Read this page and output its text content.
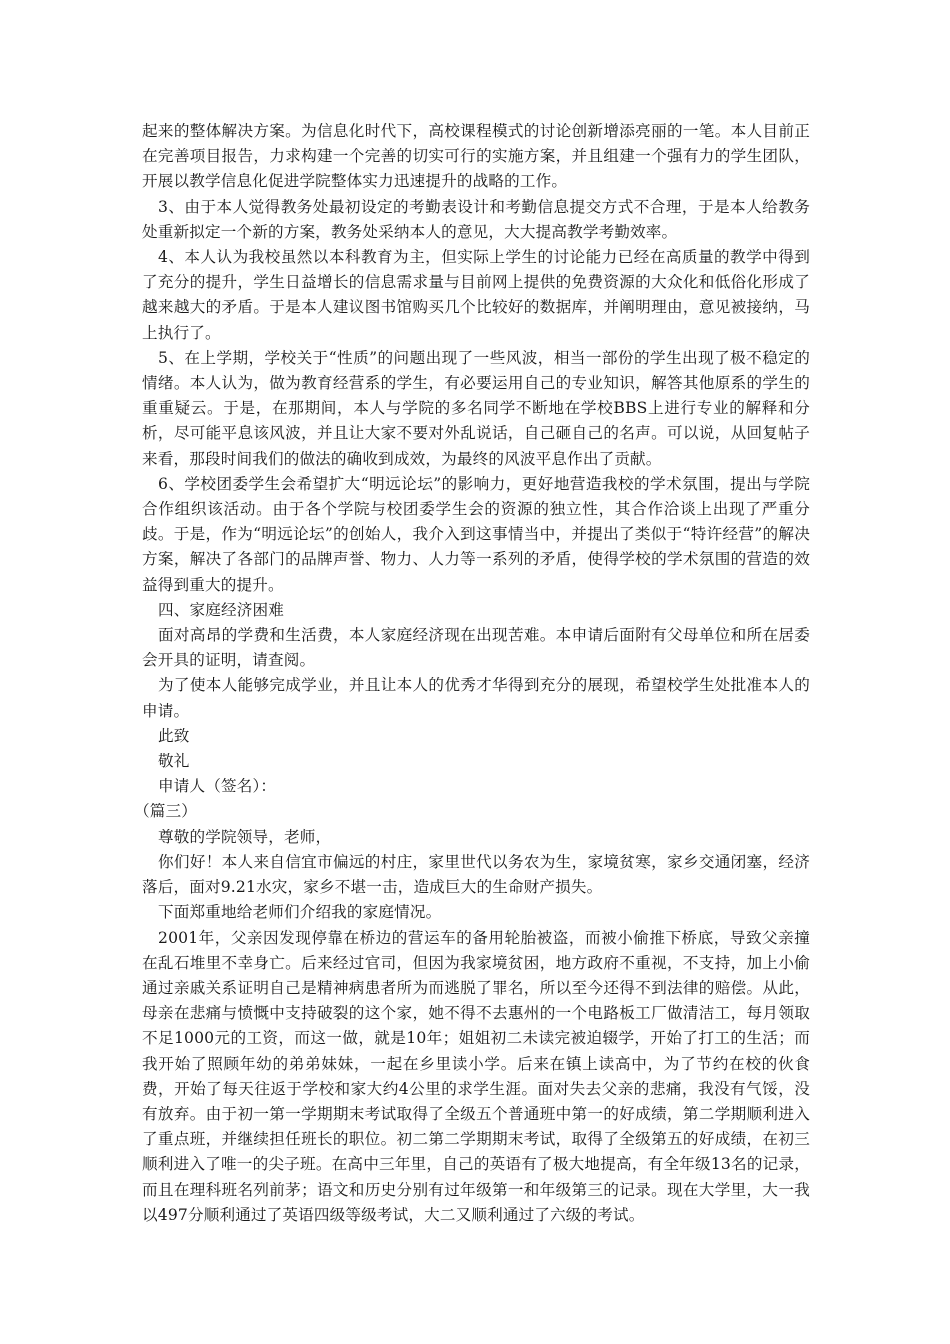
起来的整体解决方案。为信息化时代下，高校课程模式的讨论创新增添亮丽的一笔。本人目前正在完善项目报告，力求构建一个完善的切实可行的实施方案，并且组建一个强有力的学生团队，开展以教学信息化促进学院整体实力迅速提升的战略的工作。

3、由于本人觉得教务处最初设定的考勤表设计和考勤信息提交方式不合理，于是本人给教务处重新拟定一个新的方案，教务处采纳本人的意见，大大提高教学考勤效率。

4、本人认为我校虽然以本科教育为主，但实际上学生的讨论能力已经在高质量的教学中得到了充分的提升，学生日益增长的信息需求量与目前网上提供的免费资源的大众化和低俗化形成了越来越大的矛盾。于是本人建议图书馆购买几个比较好的数据库，并阐明理由，意见被接纳，马上执行了。

5、在上学期，学校关于“性质”的问题出现了一些风波，相当一部份的学生出现了极不稳定的情绪。本人认为，做为教育经营系的学生，有必要运用自己的专业知识，解答其他原系的学生的重重疑云。于是，在那期间，本人与学院的多名同学不断地在学校BBS上进行专业的解释和分析，尽可能平息该风波，并且让大家不要对外乱说话，自己砸自己的名声。可以说，从回复帖子来看，那段时间我们的做法的确收到成效，为最终的风波平息作出了贡献。

6、学校团委学生会希望扩大“明远论坛”的影响力，更好地营造我校的学术氛围，提出与学院合作组织该活动。由于各个学院与校团委学生会的资源的独立性，其合作洽谈上出现了严重分歧。于是，作为“明远论坛”的创始人，我介入到这事情当中，并提出了类似于“特许经营”的解决方案，解决了各部门的品牌声誉、物力、人力等一系列的矛盾，使得学校的学术氛围的营造的效益得到重大的提升。

四、家庭经济困难

面对高昂的学费和生活费，本人家庭经济现在出现苦难。本申请后面附有父母单位和所在居委会开具的证明，请查阅。

为了使本人能够完成学业，并且让本人的优秀才华得到充分的展现，希望校学生处批准本人的申请。

此致

敬礼

申请人（签名）：

（篇三）

尊敬的学院领导，老师，

你们好！本人来自信宜市偏远的村庄，家里世代以务农为生，家境贫寒，家乡交通闭塞，经济落后，面对9.21水灾，家乡不堪一击，造成巨大的生命财产损失。

下面郑重地给老师们介绍我的家庭情况。

2001年，父亲因发现停靠在桥边的营运车的备用轮胎被盗，而被小偷推下桥底，导致父亲撞在乱石堆里不幸身亡。后来经过官司，但因为我家境贫困，地方政府不重视，不支持，加上小偷通过亲戚关系证明自己是精神病患者所为而逃脱了罪名，所以至今还得不到法律的赔偿。从此，母亲在悲痛与愤慨中支持破裂的这个家，她不得不去惠州的一个电路板工厂做清洁工，每月领取不足1000元的工资，而这一做，就是10年；姐姐初二未读完被迫辍学，开始了打工的生活；而我开始了照顾年幼的弟弟妹妹，一起在乡里读小学。后来在镇上读高中，为了节约在校的伙食费，开始了每天往返于学校和家大约4公里的求学生涯。面对失去父亲的悲痛，我没有气馁，没有放弃。由于初一第一学期期末考试取得了全级五个普通班中第一的好成绩，第二学期顺利进入了重点班，并继续担任班长的职位。初二第二学期期末考试，取得了全级第五的好成绩，在初三顺利进入了唯一的尖子班。在高中三年里，自己的英语有了极大地提高，有全年级13名的记录，而且在理科班名列前茅；语文和历史分别有过年级第一和年级第三的记录。现在大学里，大一我以497分顺利通过了英语四级等级考试，大二又顺利通过了六级的考试。
